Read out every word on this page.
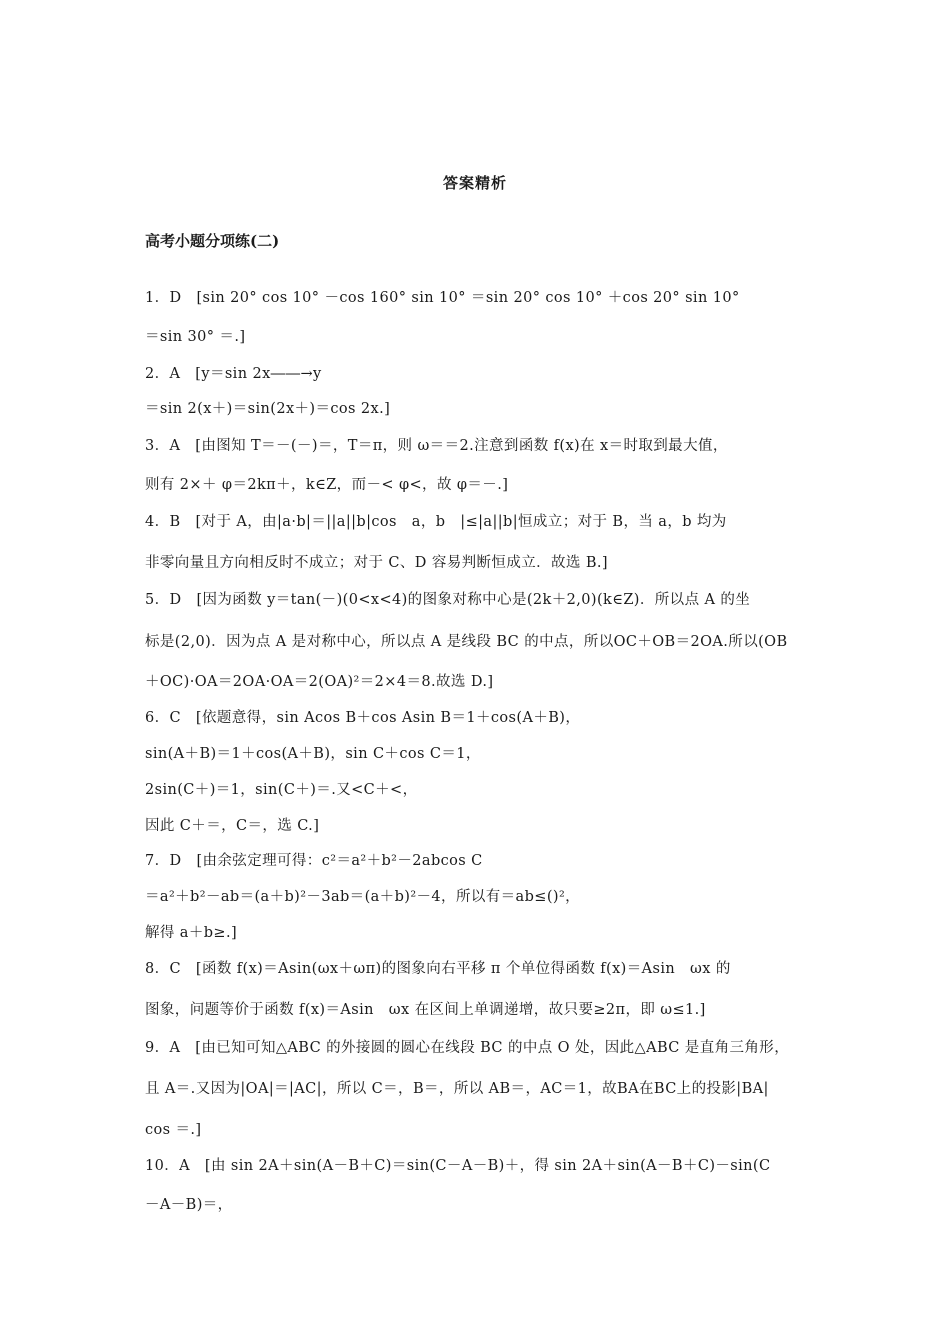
答案精析
高考小题分项练(二)
1．D　[sin 20° cos 10° －cos 160° sin 10° ＝sin 20° cos 10° ＋cos 20° sin 10°
＝sin 30° ＝.]
2．A　[y＝sin 2x――→y
＝sin 2(x＋)＝sin(2x＋)＝cos 2x.]
3．A　[由图知 T＝－(－)＝，T＝π，则 ω＝＝2.注意到函数 f(x)在 x＝时取到最大值，
则有 2×＋ φ＝2kπ＋，k∈Z，而－< φ<，故 φ＝－.]
4．B　[对于 A，由|a·b|＝||a||b|cos　a，b　|≤|a||b|恒成立；对于 B，当 a，b 均为
非零向量且方向相反时不成立；对于 C、D 容易判断恒成立．故选 B.]
5．D　[因为函数 y＝tan(－)(0<x<4)的图象对称中心是(2k＋2,0)(k∈Z)．所以点 A 的坐
标是(2,0)．因为点 A 是对称中心，所以点 A 是线段 BC 的中点，所以OC＋OB＝2OA.所以(OB
＋OC)·OA＝2OA·OA＝2(OA)²＝2×4＝8.故选 D.]
6．C　[依题意得，sin Acos B＋cos Asin B＝1＋cos(A＋B)，
sin(A＋B)＝1＋cos(A＋B)，sin C＋cos C＝1，
2sin(C＋)＝1，sin(C＋)＝.又<C＋<，
因此 C＋＝，C＝，选 C.]
7．D　[由余弦定理可得：c²＝a²＋b²－2abcos C
＝a²＋b²－ab＝(a＋b)²－3ab＝(a＋b)²－4，所以有＝ab≤()²，
解得 a＋b≥.]
8．C　[函数 f(x)＝Asin(ωx＋ωπ)的图象向右平移 π 个单位得函数 f(x)＝Asin　ωx 的
图象，问题等价于函数 f(x)＝Asin　ωx 在区间上单调递增，故只要≥2π，即 ω≤1.]
9．A　[由已知可知△ABC 的外接圆的圆心在线段 BC 的中点 O 处，因此△ABC 是直角三角形，
且 A＝.又因为|OA|＝|AC|，所以 C＝，B＝，所以 AB＝，AC＝1，故BA在BC上的投影|BA|
cos ＝.]
10．A　[由 sin 2A＋sin(A－B＋C)＝sin(C－A－B)＋，得 sin 2A＋sin(A－B＋C)－sin(C
－A－B)＝，
